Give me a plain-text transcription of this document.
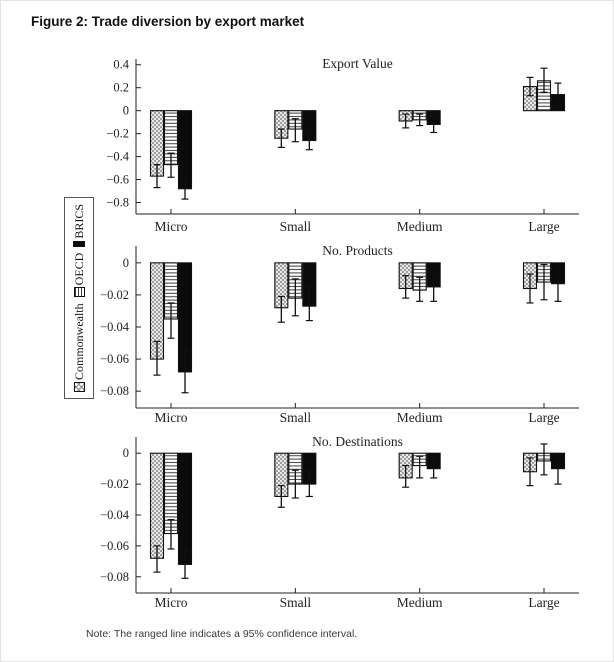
Figure 2: Trade diversion by export market
Commonwealth
OECD
BRICS
0.4
0.2
0
−0.2
−0.4
−0.6
−0.8
Micro	Small	Medium	Large
Export Value
0
−0.02
−0.04
−0.06
−0.08
Micro	Small	Medium	Large
No. Products
0
−0.02
−0.04
−0.06
−0.08
Micro	Small	Medium	Large
No. Destinations
Note: The ranged line indicates a 95% confidence interval.
